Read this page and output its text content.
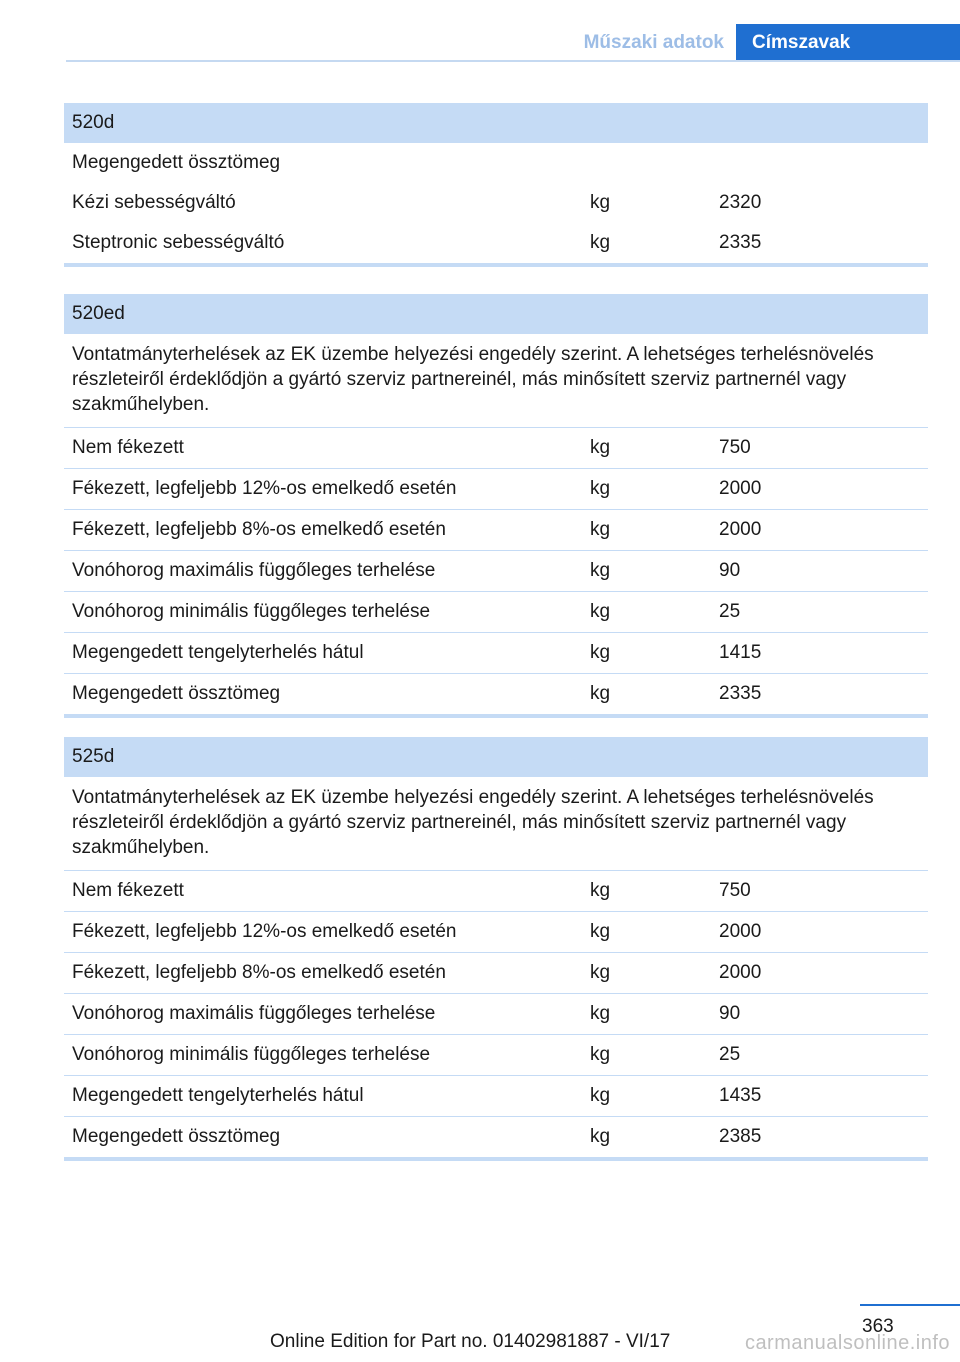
Műszaki adatok	Címszavak
520d
Megengedett össztömeg
Kézi sebességváltó	kg	2320
Steptronic sebességváltó	kg	2335
520ed
Vontatmányterhelések az EK üzembe helyezési engedély szerint. A lehetséges terhelésnövelés részleteiről érdeklődjön a gyártó szerviz partnereinél, más minősített szerviz partnernél vagy szakműhelyben.
Nem fékezett	kg	750
Fékezett, legfeljebb 12%-os emelkedő esetén	kg	2000
Fékezett, legfeljebb 8%-os emelkedő esetén	kg	2000
Vonóhorog maximális függőleges terhelése	kg	90
Vonóhorog minimális függőleges terhelése	kg	25
Megengedett tengelyterhelés hátul	kg	1415
Megengedett össztömeg	kg	2335
525d
Vontatmányterhelések az EK üzembe helyezési engedély szerint. A lehetséges terhelésnövelés részleteiről érdeklődjön a gyártó szerviz partnereinél, más minősített szerviz partnernél vagy szakműhelyben.
Nem fékezett	kg	750
Fékezett, legfeljebb 12%-os emelkedő esetén	kg	2000
Fékezett, legfeljebb 8%-os emelkedő esetén	kg	2000
Vonóhorog maximális függőleges terhelése	kg	90
Vonóhorog minimális függőleges terhelése	kg	25
Megengedett tengelyterhelés hátul	kg	1435
Megengedett össztömeg	kg	2385
363
Online Edition for Part no. 01402981887 - VI/17	carmanualsonline.info
